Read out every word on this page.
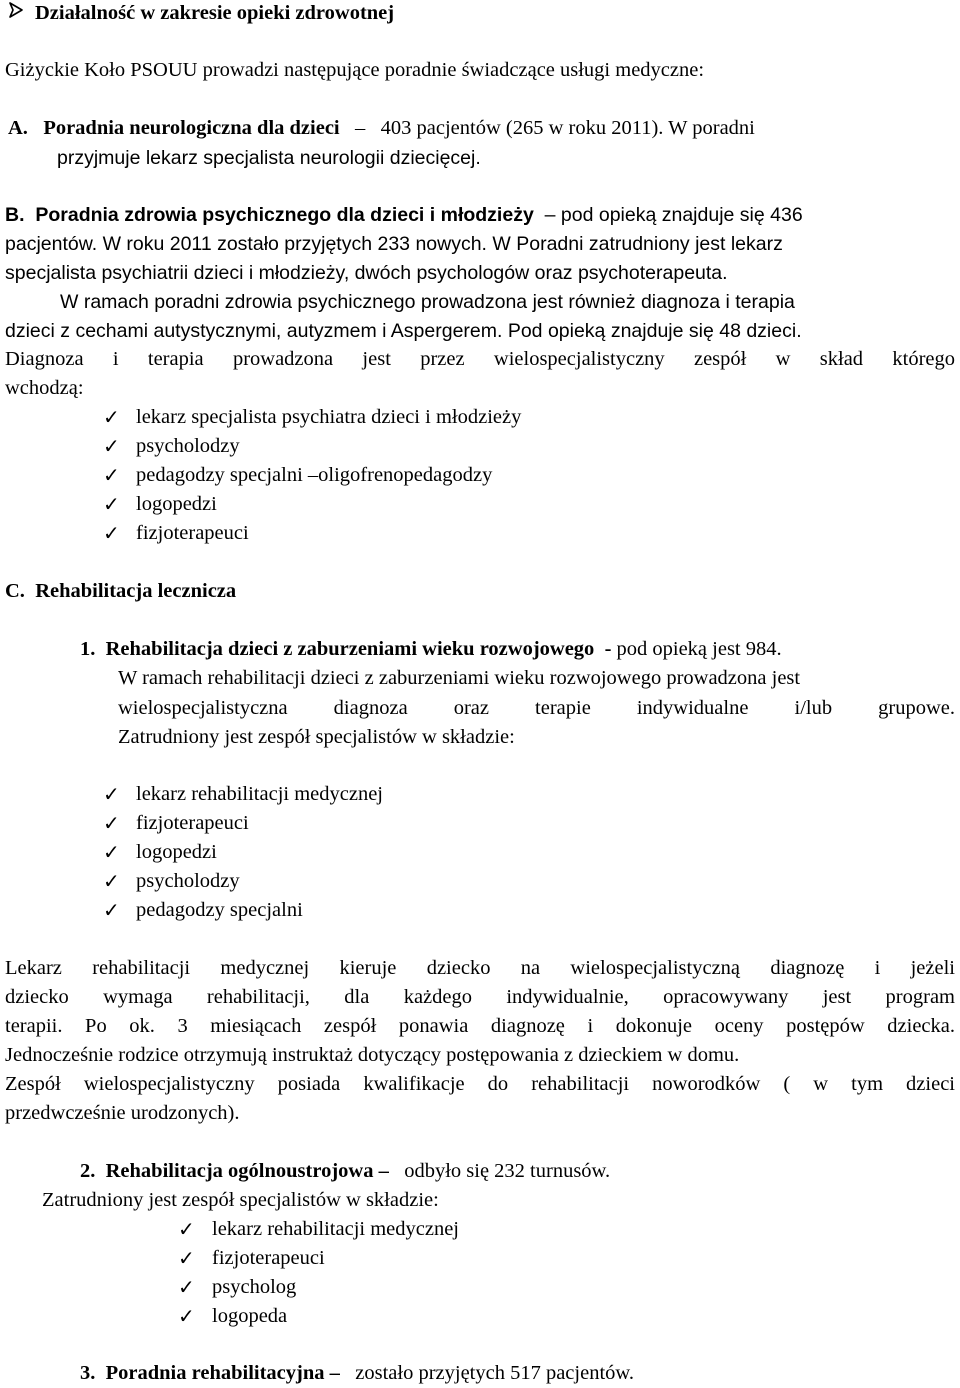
Działalność w zakresie opieki zdrowotnej
Giżyckie Koło PSOUU prowadzi następujące poradnie świadczące usługi medyczne:
A. Poradnia neurologiczna dla dzieci – 403 pacjentów (265 w roku 2011). W poradni
przyjmuje lekarz specjalista neurologii dziecięcej.
B. Poradnia zdrowia psychicznego dla dzieci i młodzieży – pod opieką znajduje się 436
pacjentów. W roku 2011 zostało przyjętych 233 nowych. W Poradni zatrudniony jest lekarz
specjalista psychiatrii dzieci i młodzieży, dwóch psychologów oraz psychoterapeuta.
W ramach poradni zdrowia psychicznego prowadzona jest również diagnoza i terapia
dzieci z cechami autystycznymi, autyzmem i Aspergerem. Pod opieką znajduje się 48 dzieci.
Diagnoza i terapia prowadzona jest przez wielospecjalistyczny zespół w skład którego
wchodzą:
✓ lekarz specjalista psychiatra dzieci i młodzieży
✓ psycholodzy
✓ pedagodzy specjalni –oligofrenopedagodzy
✓ logopedzi
✓ fizjoterapeuci
C. Rehabilitacja lecznicza
1. Rehabilitacja dzieci z zaburzeniami wieku rozwojowego - pod opieką jest 984.
W ramach rehabilitacji dzieci z zaburzeniami wieku rozwojowego prowadzona jest
wielospecjalistyczna diagnoza oraz terapie indywidualne i/lub grupowe.
Zatrudniony jest zespół specjalistów w składzie:
✓ lekarz rehabilitacji medycznej
✓ fizjoterapeuci
✓ logopedzi
✓ psycholodzy
✓ pedagodzy specjalni
Lekarz rehabilitacji medycznej kieruje dziecko na wielospecjalistyczną diagnozę i jeżeli
dziecko wymaga rehabilitacji, dla każdego indywidualnie, opracowywany jest program
terapii. Po ok. 3 miesiącach zespół ponawia diagnozę i dokonuje oceny postępów dziecka.
Jednocześnie rodzice otrzymują instruktaż dotyczący postępowania z dzieckiem w domu.
Zespół wielospecjalistyczny posiada kwalifikacje do rehabilitacji noworodków ( w tym dzieci
przedwcześnie urodzonych).
2. Rehabilitacja ogólnoustrojowa – odbyło się 232 turnusów.
Zatrudniony jest zespół specjalistów w składzie:
✓ lekarz rehabilitacji medycznej
✓ fizjoterapeuci
✓ psycholog
✓ logopeda
3. Poradnia rehabilitacyjna – zostało przyjętych 517 pacjentów.
